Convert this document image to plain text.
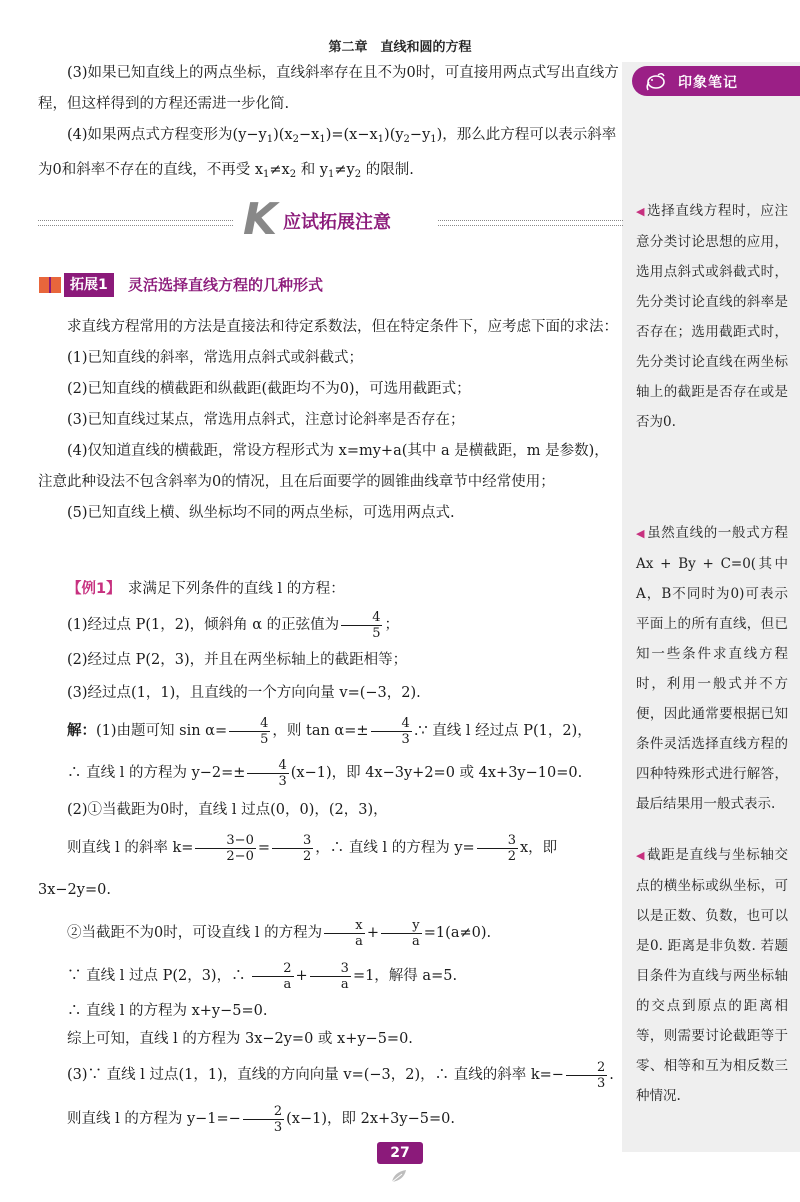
第二章　直线和圆的方程
印象笔记

(3)如果已知直线上的两点坐标，直线斜率存在且不为0时，可直接用两点式写出直线方程，但这样得到的方程还需进一步化简.

(4)如果两点式方程变形为$(y-y_1)(x_2-x_1)=(x-x_1)(y_2-y_1)$，那么此方程可以表示斜率为0和斜率不存在的直线，不再受 $x_1\ne x_2$ 和 $y_1\ne y_2$ 的限制.

K 应试拓展注意
拓展1	灵活选择直线方程的几种形式

求直线方程常用的方法是直接法和待定系数法，但在特定条件下，应考虑下面的求法：

(1)已知直线的斜率，常选用点斜式或斜截式；

(2)已知直线的横截距和纵截距(截距均不为0)，可选用截距式；

(3)已知直线过某点，常选用点斜式，注意讨论斜率是否存在；

(4)仅知道直线的横截距，常设方程形式为 x=my+a(其中 a 是横截距，m 是参数)，注意此种设法不包含斜率为0的情况，且在后面要学的圆锥曲线章节中经常使用；

(5)已知直线上横、纵坐标均不同的两点坐标，可选用两点式.

【例1】　 求满足下列条件的直线 l 的方程：

(1)经过点 P(1，2)，倾斜角 α 的正弦值为 $\frac{4}{5}$ ；

(2)经过点 P(2，3)，并且在两坐标轴上的截距相等；

(3)经过点(1，1)，且直线的一个方向向量 v=(−3，2).

解：(1)由题可知 $\sin \alpha= \frac{4}{5}$ ，则 $\tan \alpha=\pm \frac{4}{3}$ .∵ 直线 l 经过点 P(1，2)，

∴ 直线 l 的方程为 $y-2=\pm \frac{4}{3} (x-1)$，即 4x−3y+2=0 或 4x+3y−10=0.

(2)①当截距为0时，直线 l 过点(0，0)，(2，3)，

则直线 l 的斜率 $k= \frac{3-0}{2-0} = \frac{3}{2}$ ，∴ 直线 l 的方程为 $y= \frac{3}{2}$ x，即 3x−2y=0.

②当截距不为0时，可设直线 l 的方程为 $\frac{x}{a} + \frac{y}{a} =1(a\ne 0)$.

∵ 直线 l 过点 P(2，3)，∴ $\frac{2}{a} + \frac{3}{a} =1$，解得 a=5.

∴ 直线 l 的方程为 x+y−5=0.

综上可知，直线 l 的方程为 3x−2y=0 或 x+y−5=0.

(3)∵ 直线 l 过点(1，1)，直线的方向向量 v=(−3，2)，∴ 直线的斜率 $k=- \frac{2}{3}$ .

则直线 l 的方程为 $y-1=- \frac{2}{3} (x-1)$，即 2x+3y−5=0.

◀ 选择直线方程时，应注意分类讨论思想的应用，选用点斜式或斜截式时，先分类讨论直线的斜率是否存在；选用截距式时，先分类讨论直线在两坐标轴上的截距是否存在或是否为0.
◀ 虽然直线的一般式方程 Ax + By + C=0(其中A，B不同时为0)可表示平面上的所有直线，但已知一些条件求直线方程时，利用一般式并不方便，因此通常要根据已知条件灵活选择直线方程的四种特殊形式进行解答，最后结果用一般式表示.
◀ 截距是直线与坐标轴交点的横坐标或纵坐标，可以是正数、负数，也可以是0. 距离是非负数. 若题目条件为直线与两坐标轴的交点到原点的距离相等，则需要讨论截距等于零、相等和互为相反数三种情况.
27
